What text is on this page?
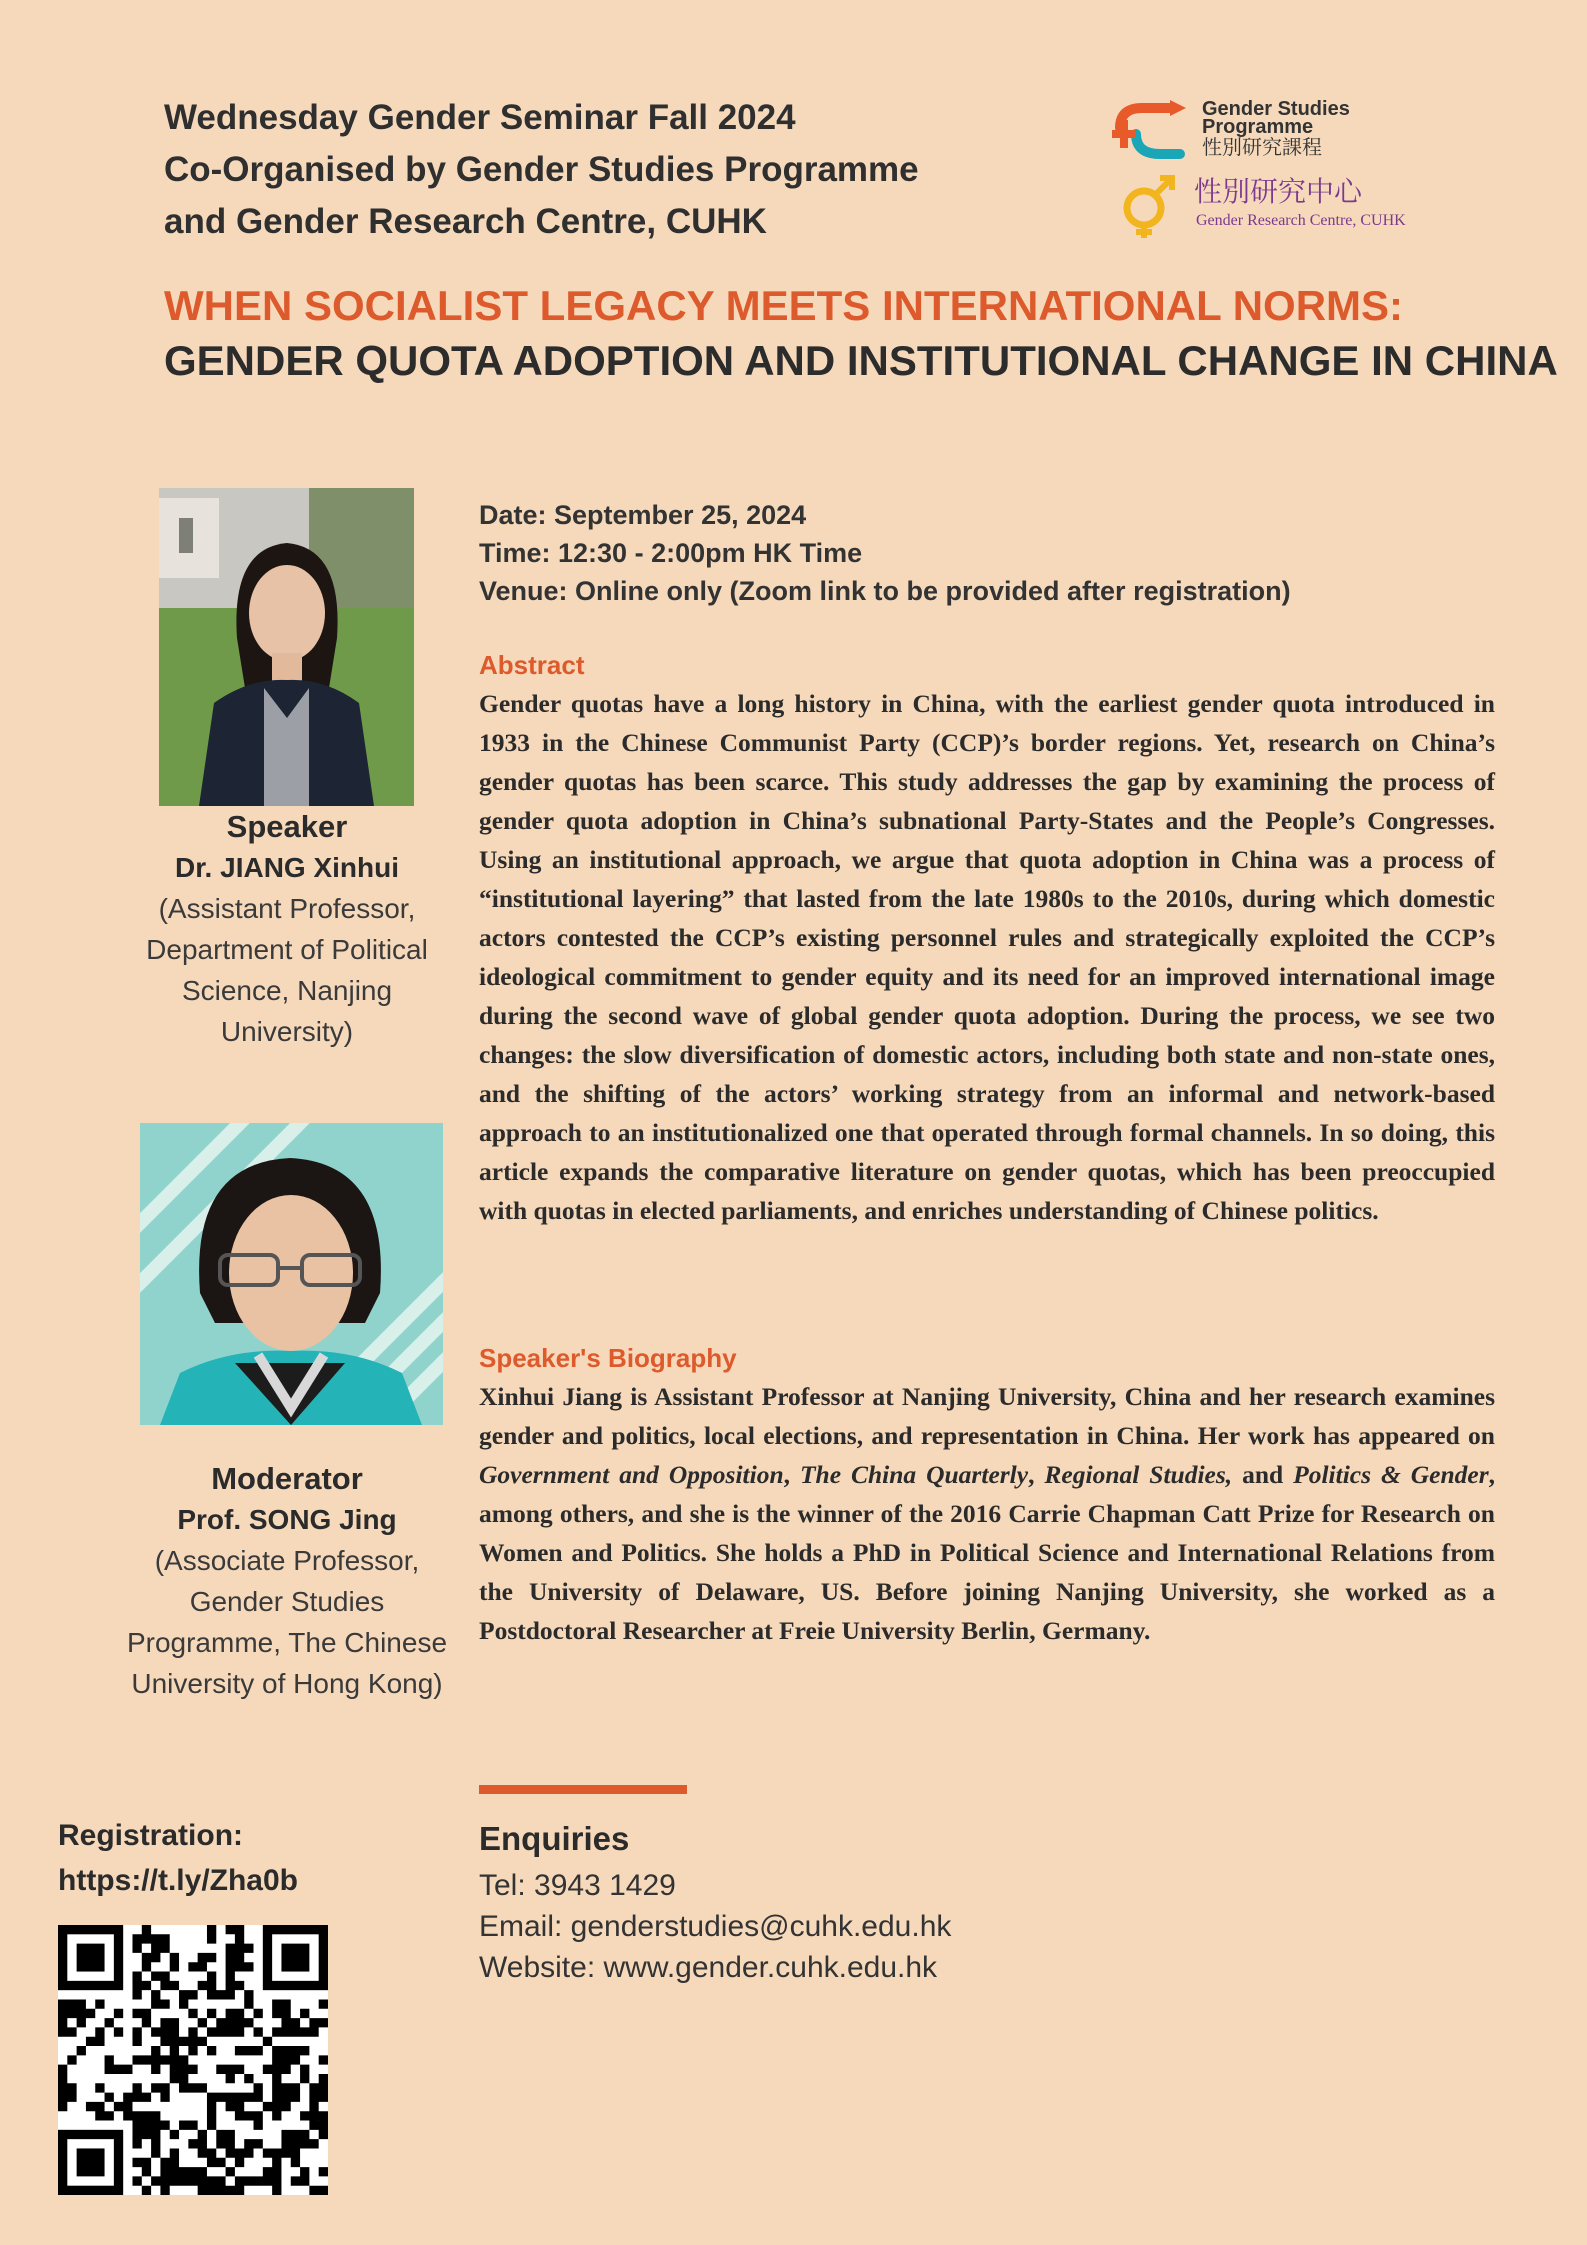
Wednesday Gender Seminar Fall 2024
Co-Organised by Gender Studies Programme
and Gender Research Centre, CUHK
Gender Studies
Programme
性別研究課程
性別研究中心
Gender Research Centre, CUHK
WHEN SOCIALIST LEGACY MEETS INTERNATIONAL NORMS:
GENDER QUOTA ADOPTION AND INSTITUTIONAL CHANGE IN CHINA
Speaker
Dr. JIANG Xinhui
(Assistant Professor, Department of Political Science, Nanjing University)
Moderator
Prof. SONG Jing
(Associate Professor, Gender Studies Programme, The Chinese University of Hong Kong)
Registration:
https://t.ly/Zha0b
Date: September 25, 2024
Time: 12:30 - 2:00pm HK Time
Venue: Online only (Zoom link to be provided after registration)
Abstract
Gender quotas have a long history in China, with the earliest gender quota introduced in 1933 in the Chinese Communist Party (CCP)’s border regions. Yet, research on China’s gender quotas has been scarce. This study addresses the gap by examining the process of gender quota adoption in China’s subnational Party-States and the People’s Congresses. Using an institutional approach, we argue that quota adoption in China was a process of “institutional layering” that lasted from the late 1980s to the 2010s, during which domestic actors contested the CCP’s existing personnel rules and strategically exploited the CCP’s ideological commitment to gender equity and its need for an improved international image during the second wave of global gender quota adoption. During the process, we see two changes: the slow diversification of domestic actors, including both state and non-state ones, and the shifting of the actors’ working strategy from an informal and network-based approach to an institutionalized one that operated through formal channels. In so doing, this article expands the comparative literature on gender quotas, which has been preoccupied with quotas in elected parliaments, and enriches understanding of Chinese politics.
Speaker's Biography
Xinhui Jiang is Assistant Professor at Nanjing University, China and her research examines gender and politics, local elections, and representation in China. Her work has appeared on Government and Opposition, The China Quarterly, Regional Studies, and Politics & Gender, among others, and she is the winner of the 2016 Carrie Chapman Catt Prize for Research on Women and Politics. She holds a PhD in Political Science and International Relations from the University of Delaware, US. Before joining Nanjing University, she worked as a Postdoctoral Researcher at Freie University Berlin, Germany.
Enquiries
Tel: 3943 1429
Email: genderstudies@cuhk.edu.hk
Website: www.gender.cuhk.edu.hk
